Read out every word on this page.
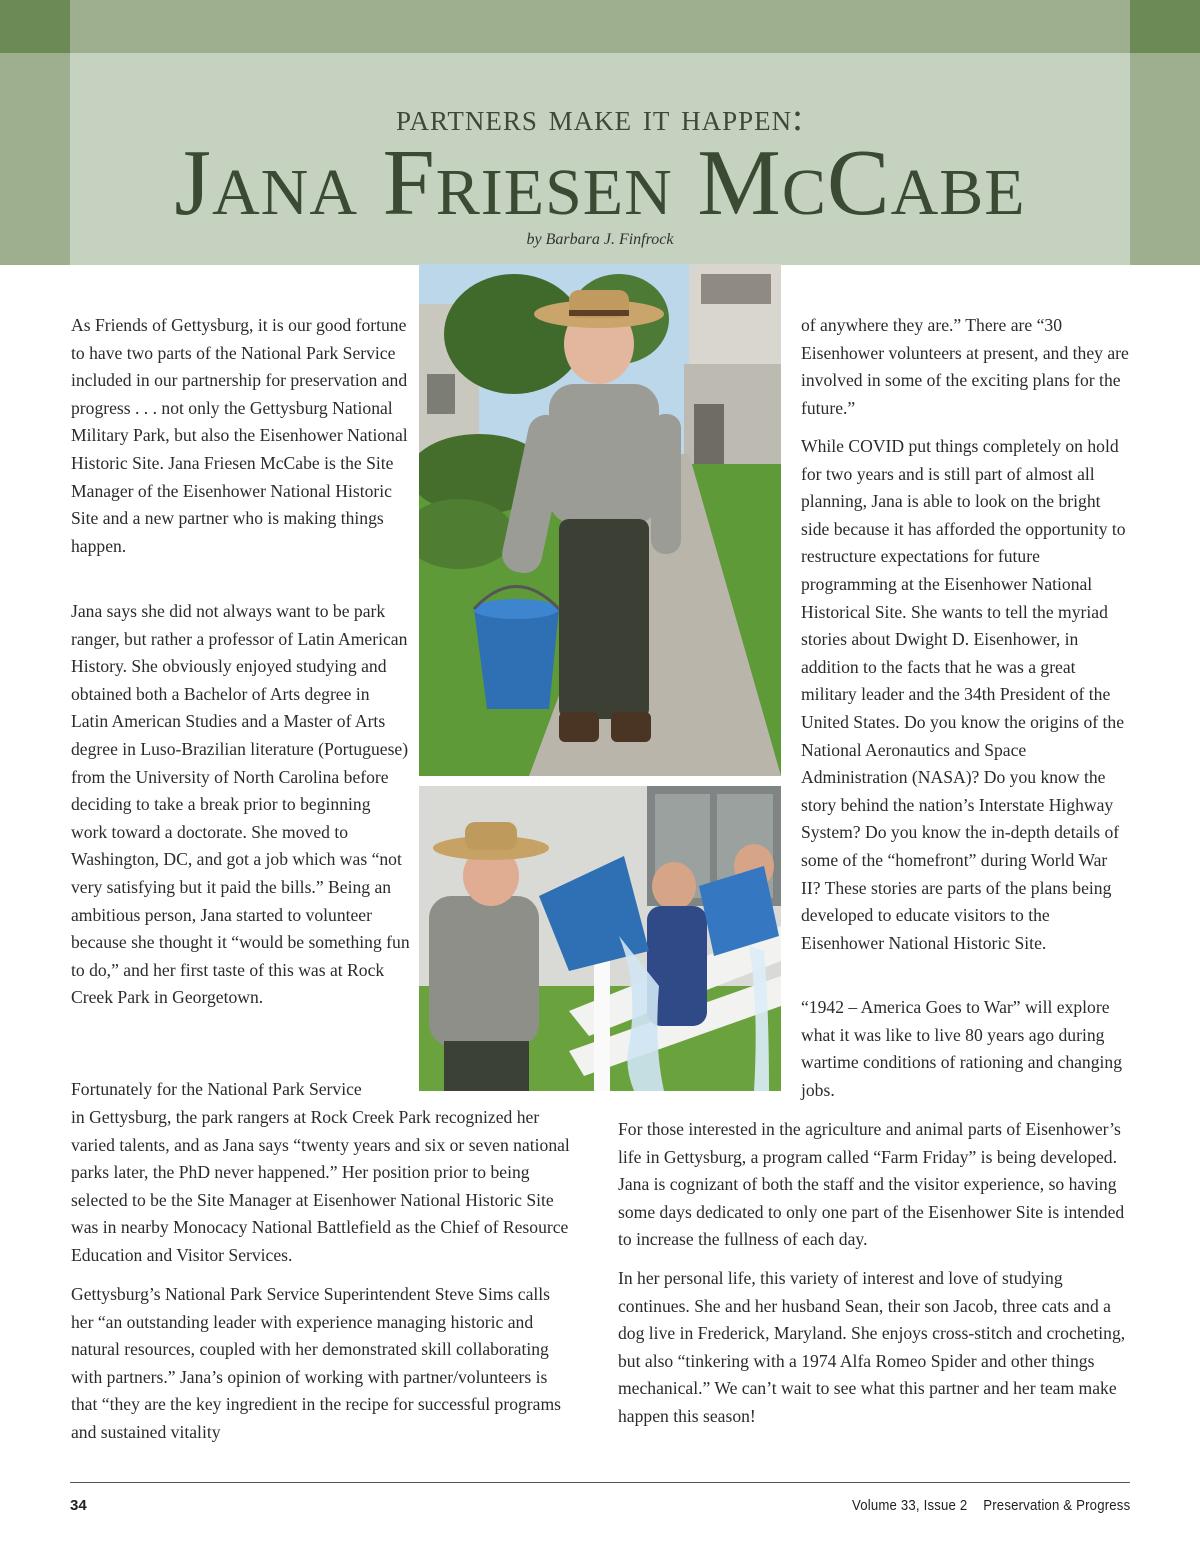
partners make it happen:
Jana Friesen McCabe
by Barbara J. Finfrock

As Friends of Gettysburg, it is our good fortune to have two parts of the National Park Service included in our partnership for preservation and progress . . . not only the Gettysburg National Military Park, but also the Eisenhower National Historic Site. Jana Friesen McCabe is the Site Manager of the Eisenhower National Historic Site and a new partner who is making things happen.

Jana says she did not always want to be park ranger, but rather a professor of Latin American History. She obviously enjoyed studying and obtained both a Bachelor of Arts degree in Latin American Studies and a Master of Arts degree in Luso-Brazilian literature (Portuguese) from the University of North Carolina before deciding to take a break prior to beginning work toward a doctorate. She moved to Washington, DC, and got a job which was “not very satisfying but it paid the bills.” Being an ambitious person, Jana started to volunteer because she thought it “would be something fun to do,” and her first taste of this was at Rock Creek Park in Georgetown.

Fortunately for the National Park Service

in Gettysburg, the park rangers at Rock Creek Park recognized her varied talents, and as Jana says “twenty years and six or seven national parks later, the PhD never happened.” Her position prior to being selected to be the Site Manager at Eisenhower National Historic Site was in nearby Monocacy National Battlefield as the Chief of Resource Education and Visitor Services.

Gettysburg’s National Park Service Superintendent Steve Sims calls her “an outstanding leader with experience managing historic and natural resources, coupled with her demonstrated skill collaborating with partners.” Jana’s opinion of working with partner/volunteers is that “they are the key ingredient in the recipe for successful programs and sustained vitality

of anywhere they are.” There are “30 Eisenhower volunteers at present, and they are involved in some of the exciting plans for the future.”

While COVID put things completely on hold for two years and is still part of almost all planning, Jana is able to look on the bright side because it has afforded the opportunity to restructure expectations for future programming at the Eisenhower National Historical Site. She wants to tell the myriad stories about Dwight D. Eisenhower, in addition to the facts that he was a great military leader and the 34th President of the United States. Do you know the origins of the National Aeronautics and Space Administration (NASA)? Do you know the story behind the nation’s Interstate Highway System? Do you know the in-depth details of some of the “homefront” during World War II? These stories are parts of the plans being developed to educate visitors to the Eisenhower National Historic Site.

“1942 – America Goes to War” will explore what it was like to live 80 years ago during wartime conditions of rationing and changing jobs.

For those interested in the agriculture and animal parts of Eisenhower’s life in Gettysburg, a program called “Farm Friday” is being developed. Jana is cognizant of both the staff and the visitor experience, so having some days dedicated to only one part of the Eisenhower Site is intended to increase the fullness of each day.

In her personal life, this variety of interest and love of studying continues. She and her husband Sean, their son Jacob, three cats and a dog live in Frederick, Maryland. She enjoys cross-stitch and crocheting, but also “tinkering with a 1974 Alfa Romeo Spider and other things mechanical.” We can’t wait to see what this partner and her team make happen this season!

34	Volume 33, Issue 2 Preservation & Progress
